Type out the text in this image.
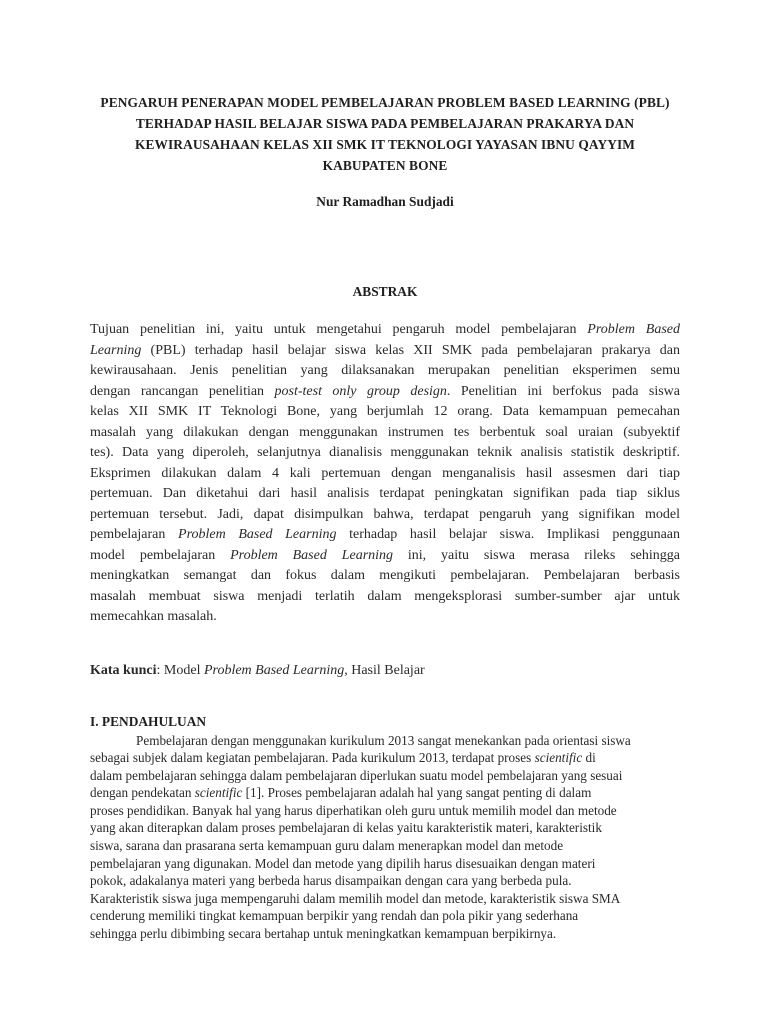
PENGARUH PENERAPAN MODEL PEMBELAJARAN PROBLEM BASED LEARNING (PBL)
TERHADAP HASIL BELAJAR SISWA PADA PEMBELAJARAN PRAKARYA DAN
KEWIRAUSAHAAN KELAS XII SMK IT TEKNOLOGI YAYASAN IBNU QAYYIM
KABUPATEN BONE

Nur Ramadhan Sudjadi

ABSTRAK

Tujuan penelitian ini, yaitu untuk mengetahui pengaruh model pembelajaran Problem Based
Learning (PBL) terhadap hasil belajar siswa kelas XII SMK pada pembelajaran prakarya dan
kewirausahaan. Jenis penelitian yang dilaksanakan merupakan penelitian eksperimen semu
dengan rancangan penelitian post-test only group design. Penelitian ini berfokus pada siswa
kelas XII SMK IT Teknologi Bone, yang berjumlah 12 orang. Data kemampuan pemecahan
masalah yang dilakukan dengan menggunakan instrumen tes berbentuk soal uraian (subyektif
tes). Data yang diperoleh, selanjutnya dianalisis menggunakan teknik analisis statistik deskriptif.
Eksprimen dilakukan dalam 4 kali pertemuan dengan menganalisis hasil assesmen dari tiap
pertemuan. Dan diketahui dari hasil analisis terdapat peningkatan signifikan pada tiap siklus
pertemuan tersebut. Jadi, dapat disimpulkan bahwa, terdapat pengaruh yang signifikan model
pembelajaran Problem Based Learning terhadap hasil belajar siswa. Implikasi penggunaan
model pembelajaran Problem Based Learning ini, yaitu siswa merasa rileks sehingga
meningkatkan semangat dan fokus dalam mengikuti pembelajaran. Pembelajaran berbasis
masalah membuat siswa menjadi terlatih dalam mengeksplorasi sumber-sumber ajar untuk
memecahkan masalah.

Kata kunci: Model Problem Based Learning, Hasil Belajar

I. PENDAHULUAN

Pembelajaran dengan menggunakan kurikulum 2013 sangat menekankan pada orientasi siswa
sebagai subjek dalam kegiatan pembelajaran. Pada kurikulum 2013, terdapat proses scientific di
dalam pembelajaran sehingga dalam pembelajaran diperlukan suatu model pembelajaran yang sesuai
dengan pendekatan scientific [1]. Proses pembelajaran adalah hal yang sangat penting di dalam
proses pendidikan. Banyak hal yang harus diperhatikan oleh guru untuk memilih model dan metode
yang akan diterapkan dalam proses pembelajaran di kelas yaitu karakteristik materi, karakteristik
siswa, sarana dan prasarana serta kemampuan guru dalam menerapkan model dan metode
pembelajaran yang digunakan. Model dan metode yang dipilih harus disesuaikan dengan materi
pokok, adakalanya materi yang berbeda harus disampaikan dengan cara yang berbeda pula.
Karakteristik siswa juga mempengaruhi dalam memilih model dan metode, karakteristik siswa SMA
cenderung memiliki tingkat kemampuan berpikir yang rendah dan pola pikir yang sederhana
sehingga perlu dibimbing secara bertahap untuk meningkatkan kemampuan berpikirnya.
